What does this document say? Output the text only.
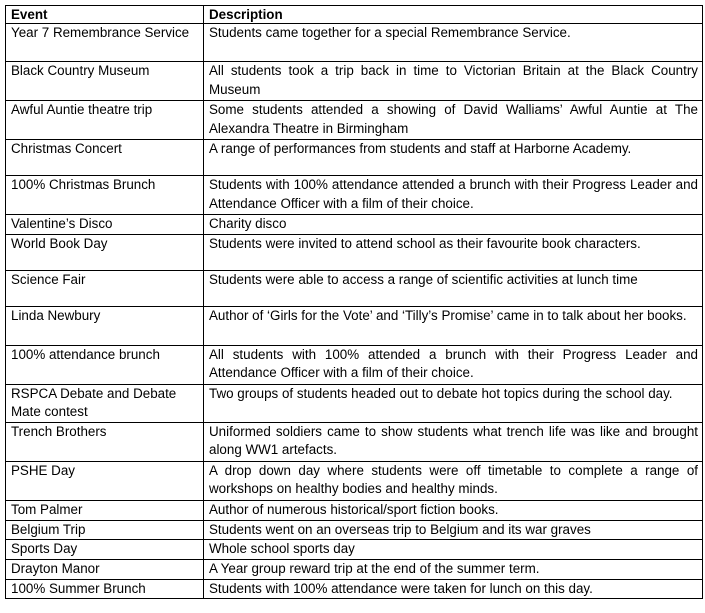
Event	Description
Year 7 Remembrance Service	Students came together for a special Remembrance Service.
Black Country Museum	All students took a trip back in time to Victorian Britain at the Black Country Museum
Awful Auntie theatre trip	Some students attended a showing of David Walliams’ Awful Auntie at The Alexandra Theatre in Birmingham
Christmas Concert	A range of performances from students and staff at Harborne Academy.
100% Christmas Brunch	Students with 100% attendance attended a brunch with their Progress Leader and Attendance Officer with a film of their choice.
Valentine’s Disco	Charity disco
World Book Day	Students were invited to attend school as their favourite book characters.
Science Fair	Students were able to access a range of scientific activities at lunch time
Linda Newbury	Author of ‘Girls for the Vote’ and ‘Tilly’s Promise’ came in to talk about her books.
100% attendance brunch	All students with 100% attended a brunch with their Progress Leader and Attendance Officer with a film of their choice.
RSPCA Debate and Debate Mate contest	Two groups of students headed out to debate hot topics during the school day.
Trench Brothers	Uniformed soldiers came to show students what trench life was like and brought along WW1 artefacts.
PSHE Day	A drop down day where students were off timetable to complete a range of workshops on healthy bodies and healthy minds.
Tom Palmer	Author of numerous historical/sport fiction books.
Belgium Trip	Students went on an overseas trip to Belgium and its war graves
Sports Day	Whole school sports day
Drayton Manor	A Year group reward trip at the end of the summer term.
100% Summer Brunch	Students with 100% attendance were taken for lunch on this day.
